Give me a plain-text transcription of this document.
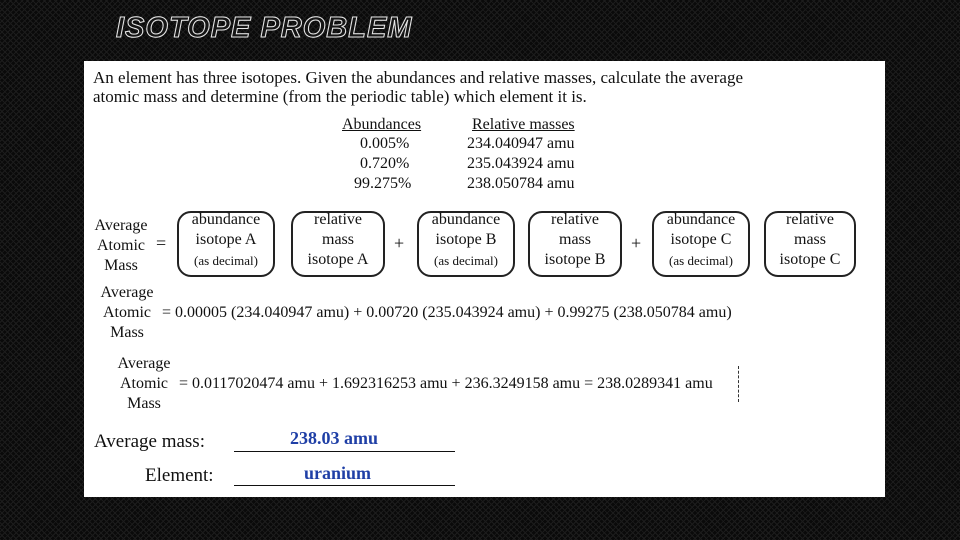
ISOTOPE PROBLEM
An element has three isotopes. Given the abundances and relative masses, calculate the average
atomic mass and determine (from the periodic table) which element it is.
Abundances	Relative masses
0.005%	234.040947 amu
0.720%	235.043924 amu
99.275%	238.050784 amu
Average
Atomic
Mass
=
abundance
isotope A
(as decimal)
relative
mass
isotope A
+
abundance
isotope B
(as decimal)
relative
mass
isotope B
+
abundance
isotope C
(as decimal)
relative
mass
isotope C
Average
Atomic
Mass
= 0.00005 (234.040947 amu) + 0.00720 (235.043924 amu) + 0.99275 (238.050784 amu)
Average
Atomic
Mass
= 0.0117020474 amu + 1.692316253 amu + 236.3249158 amu = 238.0289341 amu
Average mass:	238.03 amu
Element:	uranium
